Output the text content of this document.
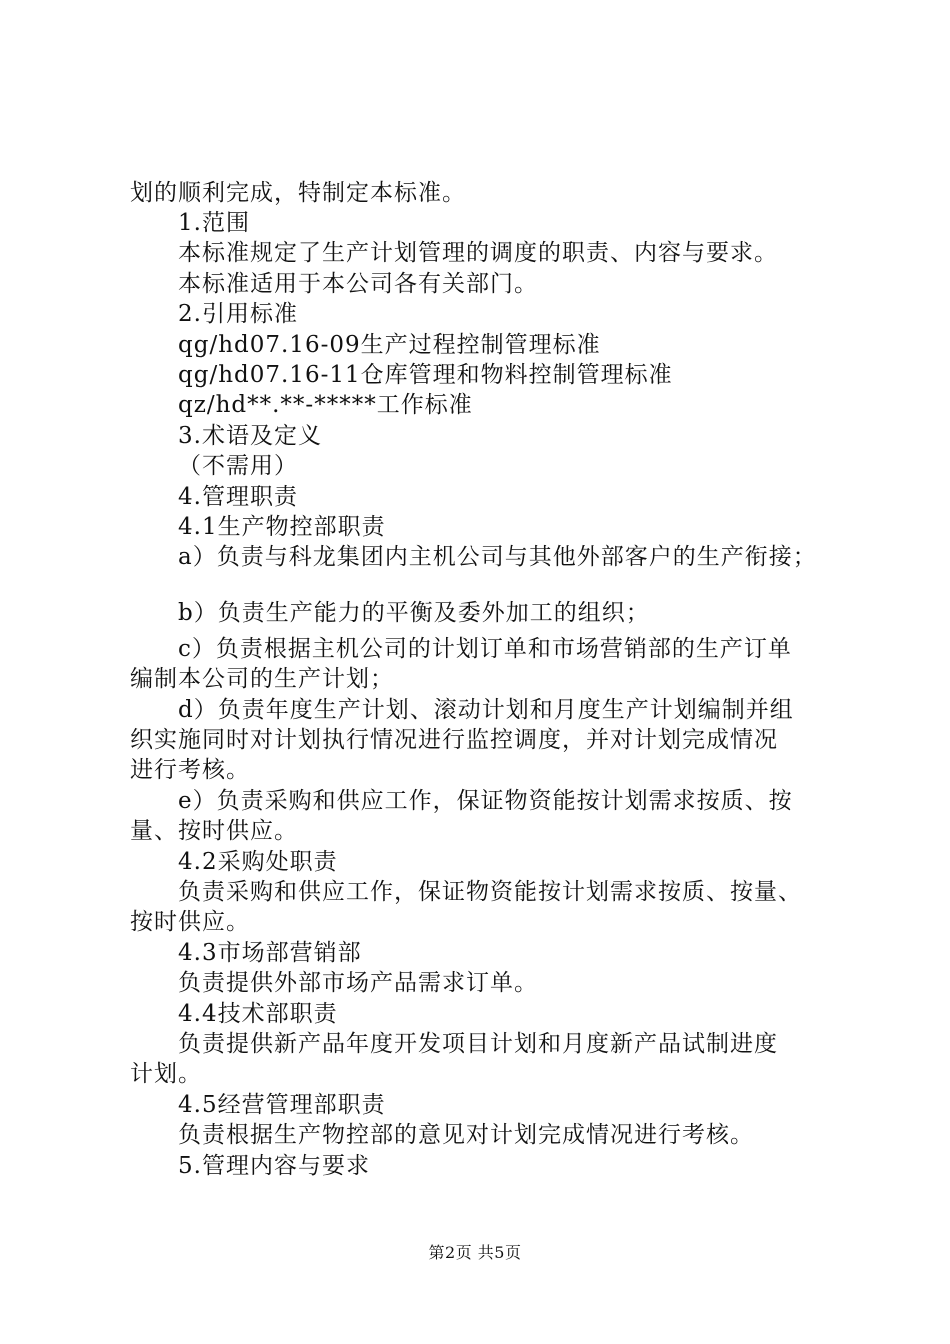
划的顺利完成，特制定本标准。
1.范围
本标准规定了生产计划管理的调度的职责、内容与要求。
本标准适用于本公司各有关部门。
2.引用标准
qg/hd07.16-09生产过程控制管理标准
qg/hd07.16-11仓库管理和物料控制管理标准
qz/hd**.**-*****工作标准
3.术语及定义
（不需用）
4.管理职责
4.1生产物控部职责
a）负责与科龙集团内主机公司与其他外部客户的生产衔接；
b）负责生产能力的平衡及委外加工的组织；
c）负责根据主机公司的计划订单和市场营销部的生产订单
编制本公司的生产计划；
d）负责年度生产计划、滚动计划和月度生产计划编制并组
织实施同时对计划执行情况进行监控调度，并对计划完成情况
进行考核。
e）负责采购和供应工作，保证物资能按计划需求按质、按
量、按时供应。
4.2采购处职责
负责采购和供应工作，保证物资能按计划需求按质、按量、
按时供应。
4.3市场部营销部
负责提供外部市场产品需求订单。
4.4技术部职责
负责提供新产品年度开发项目计划和月度新产品试制进度
计划。
4.5经营管理部职责
负责根据生产物控部的意见对计划完成情况进行考核。
5.管理内容与要求
第2页 共5页
